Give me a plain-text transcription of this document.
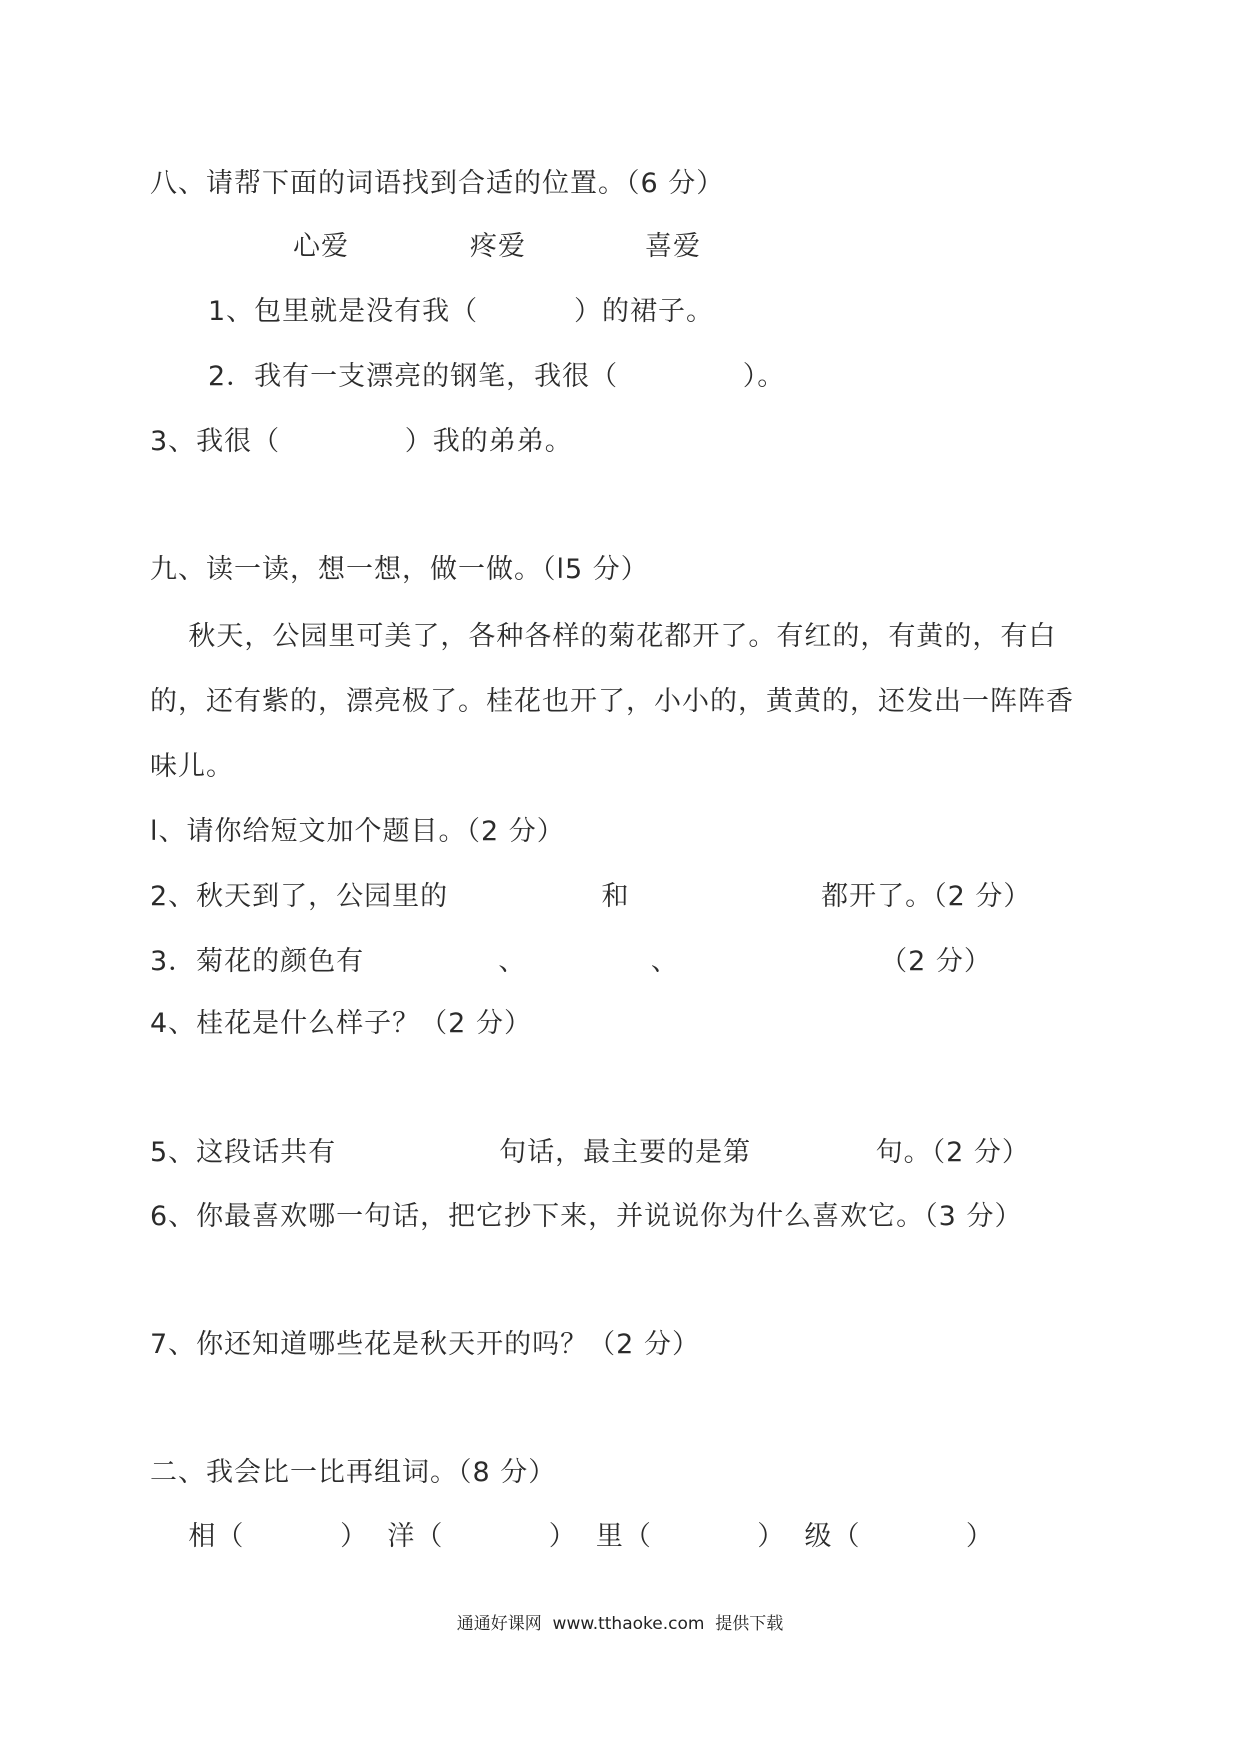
八、请帮下面的词语找到合适的位置。（6 分）

心爱	疼爱	喜爱

1、包里就是没有我（          ）的裙子。

2．我有一支漂亮的钢笔，我很（             ）。

3、我很（             ）我的弟弟。

九、读一读，想一想，做一做。（l5 分）

秋天，公园里可美了，各种各样的菊花都开了。有红的，有黄的，有白

的，还有紫的，漂亮极了。桂花也开了，小小的，黄黄的，还发出一阵阵香

味儿。

l、请你给短文加个题目。（2 分）

2、秋天到了，公园里的                和                    都开了。（2 分）

3．菊花的颜色有              、             、                     （2 分）

4、桂花是什么样子？（2 分）

5、这段话共有                 句话，最主要的是第             句。（2 分）

6、你最喜欢哪一句话，把它抄下来，并说说你为什么喜欢它。（3 分）

7、你还知道哪些花是秋天开的吗？（2 分）

二、我会比一比再组词。（8 分）

相（          ）  洋（           ）  里（           ）  级（           ）

通通好课网  www.tthaoke.com  提供下载
